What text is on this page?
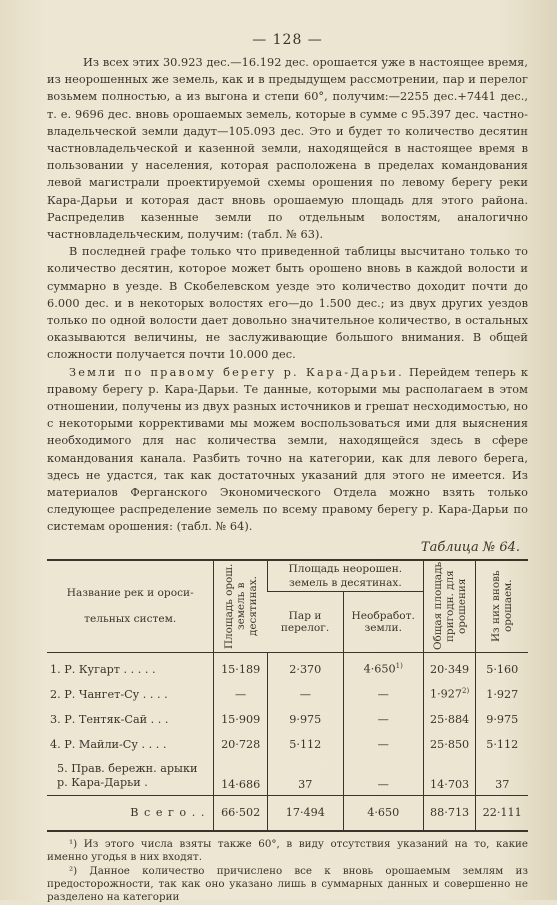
— 128 —

Из всех этих 30.923 дес.—16.192 дес. орошается уже в настоящее время, из неорошенных же земель, как и в предыдущем рассмотрении, пар и перелог возьмем полностью, а из выгона и степи 60°, получим:—2255 дес.+7441 дес., т. е. 9696 дес. вновь орошаемых земель, которые в сумме с 95.397 дес. частно-владельческой земли дадут—105.093 дес. Это и будет то количество десятин частновладельческой и казенной земли, находящейся в настоящее время в пользовании у населения, которая расположена в пределах командования левой магистрали проектируемой схемы орошения по левому берегу реки Кара-Дарьи и которая даст вновь орошаемую площадь для этого района. Распределив казенные земли по отдельным волостям, аналогично частновладельческим, получим: (табл. № 63).

В последней графе только что приведенной таблицы высчитано только то количество десятин, которое может быть орошено вновь в каждой волости и суммарно в уезде. В Скобелевском уезде это количество доходит почти до 6.000 дес. и в некоторых волостях его—до 1.500 дес.; из двух других уездов только по одной волости дает довольно значительное количество, в остальных оказываются величины, не заслуживающие большого внимания. В общей сложности получается почти 10.000 дес.

Земли по правому берегу р. Кара-Дарьи. Перейдем теперь к правому берегу р. Кара-Дарьи. Те данные, которыми мы располагаем в этом отношении, получены из двух разных источников и грешат несходимостью, но с некоторыми коррективами мы можем воспользоваться ими для выяснения необходимого для нас количества земли, находящейся здесь в сфере командования канала. Разбить точно на категории, как для левого берега, здесь не удастся, так как достаточных указаний для этого не имеется. Из материалов Ферганского Экономического Отдела можно взять только следующее распределение земель по всему правому берегу р. Кара-Дарьи по системам орошения: (табл. № 64).

Таблица № 64.
Название рек и ороси-
тельных систем.	Площадь орош. земель в десятинах.	Площадь неорошен. земель в десятинах.		Общая площадь пригодн. для орошения	Из них вновь орошаем.

		Пар и перелог.	Необработ. земли.		

1. Р. Кугарт . . . . .	15·189	2·370	$4\cdot 650^{1)}$	20·349	5·160
2. Р. Чангет-Су . . . .	—	—	—	$1\cdot 927^{2)}$	1·927
3. Р. Тентяк-Сай . . .	15·909	9·975	—	25·884	9·975
4. Р. Майли-Су . . . .	20·728	5·112	—	25·850	5·112
5. Прав. бережн. арыки р. Кара-Дарьи .	14·686	37	—	14·703	37
В с е г о . .	66·502	17·494	4·650	88·713	22·111

¹) Из этого числа взяты также 60°, в виду отсутствия указаний на то, какие именно угодья в них входят.

²) Данное количество причислено все к вновь орошаемым землям из предосторожности, так как оно указано лишь в суммарных данных и совершенно не разделено на категории
